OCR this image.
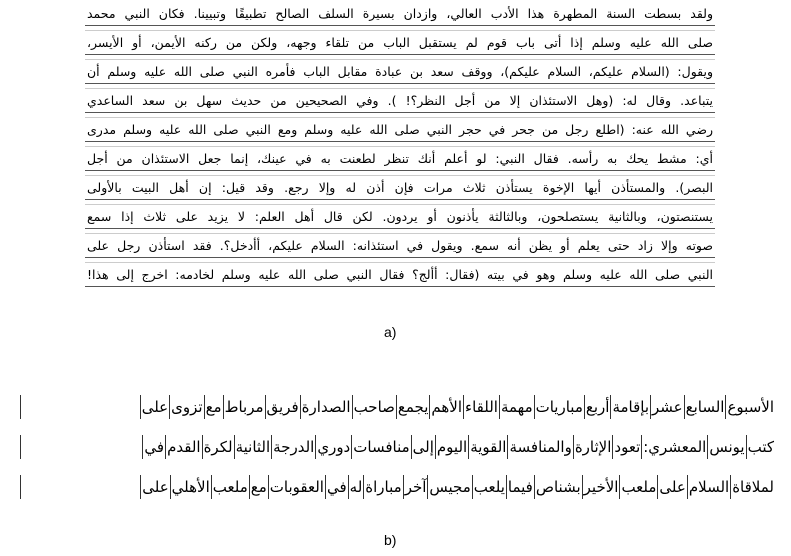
ولقد بسطت السنة المطهرة هذا الأدب العالي، وازدان بسيرة السلف الصالح تطبيقًا وتبيينا. فكان النبي محمد
صلى الله عليه وسلم إذا أتى باب قوم لم يستقبل الباب من تلقاء وجهه، ولكن من ركنه الأيمن، أو الأيسر،
ويقول: (السلام عليكم، السلام عليكم)، ووقف سعد بن عبادة مقابل الباب فأمره النبي صلى الله عليه وسلم أن
يتباعد. وقال له: (وهل الاستئذان إلا من أجل النظر؟! ). وفي الصحيحين من حديث سهل بن سعد الساعدي
رضي الله عنه: (اطلع رجل من جحر في حجر النبي صلى الله عليه وسلم ومع النبي صلى الله عليه وسلم مدرى
أي: مشط يحك به رأسه. فقال النبي: لو أعلم أنك تنظر لطعنت به في عينك، إنما جعل الاستئذان من أجل
البصر). والمستأذن أيها الإخوة يستأذن ثلاث مرات فإن أذن له وإلا رجع. وقد قيل: إن أهل البيت بالأولى
يستنصتون، وبالثانية يستصلحون، وبالثالثة يأذنون أو يردون. لكن قال أهل العلم: لا يزيد على ثلاث إذا سمع
صوته وإلا زاد حتى يعلم أو يظن أنه سمع. ويقول في استئذانه: السلام عليكم، أأدخل؟. فقد استأذن رجل على
النبي صلى الله عليه وسلم وهو في بيته (فقال: أألج؟ فقال النبي صلى الله عليه وسلم لخادمه: اخرج إلى هذا!
a)
الأسبوع
السابع
عشر
بإقامة
أربع
مباريات
مهمة
اللقاء
الأهم
يجمع
صاحب
الصدارة
فريق
مرباط
مع
تزوى
على
كتب
يونس
المعشري:
تعود
الإثارة
والمنافسة
القوية
اليوم
إلى
منافسات
دوري
الدرجة
الثانية
لكرة
القدم
في
لملاقاة
السلام
على
ملعب
الأخير
بشناص
فيما
يلعب
مجيس
آخر
مباراة
له
في
العقوبات
مع
ملعب
الأهلي
على
b)
